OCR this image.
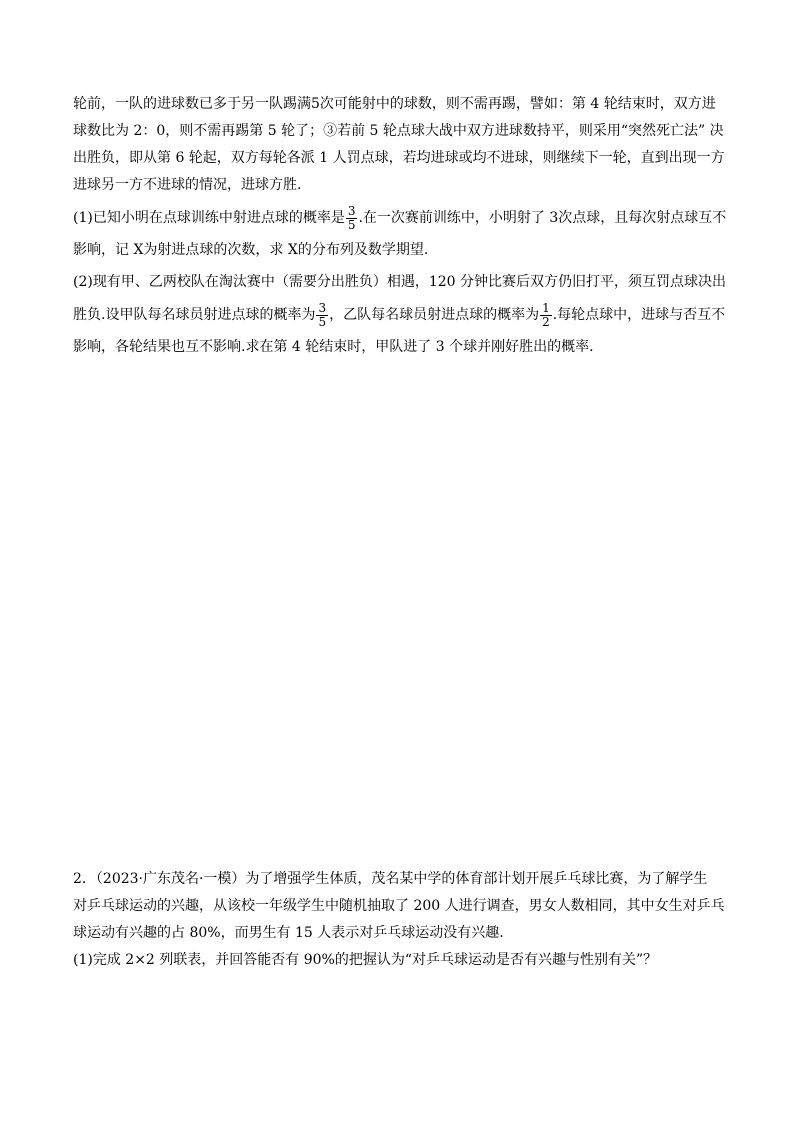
轮前，一队的进球数已多于另一队踢满5次可能射中的球数，则不需再踢，譬如：第 4 轮结束时，双方进
球数比为 2：0，则不需再踢第 5 轮了；③若前 5 轮点球大战中双方进球数持平，则采用“突然死亡法” 决
出胜负，即从第 6 轮起，双方每轮各派 1 人罚点球，若均进球或均不进球，则继续下一轮，直到出现一方
进球另一方不进球的情况，进球方胜.
(1)已知小明在点球训练中射进点球的概率是 $\frac{3}{5}$ .在一次赛前训练中，小明射了 3次点球，且每次射点球互不
影响，记 X为射进点球的次数，求 X的分布列及数学期望.
(2)现有甲、乙两校队在淘汰赛中（需要分出胜负）相遇，120 分钟比赛后双方仍旧打平，须互罚点球决出
胜负.设甲队每名球员射进点球的概率为 $\frac{3}{5}$ ，乙队每名球员射进点球的概率为 $\frac{1}{2}$ .每轮点球中，进球与否互不
影响，各轮结果也互不影响.求在第 4 轮结束时，甲队进了 3 个球并刚好胜出的概率.
2．（2023·广东茂名·一模）为了增强学生体质，茂名某中学的体育部计划开展乒乓球比赛，为了解学生
对乒乓球运动的兴趣，从该校一年级学生中随机抽取了 200 人进行调查，男女人数相同，其中女生对乒乓
球运动有兴趣的占 80%，而男生有 15 人表示对乒乓球运动没有兴趣.
(1)完成 2×2 列联表，并回答能否有 90%的把握认为“对乒乓球运动是否有兴趣与性别有关”？
